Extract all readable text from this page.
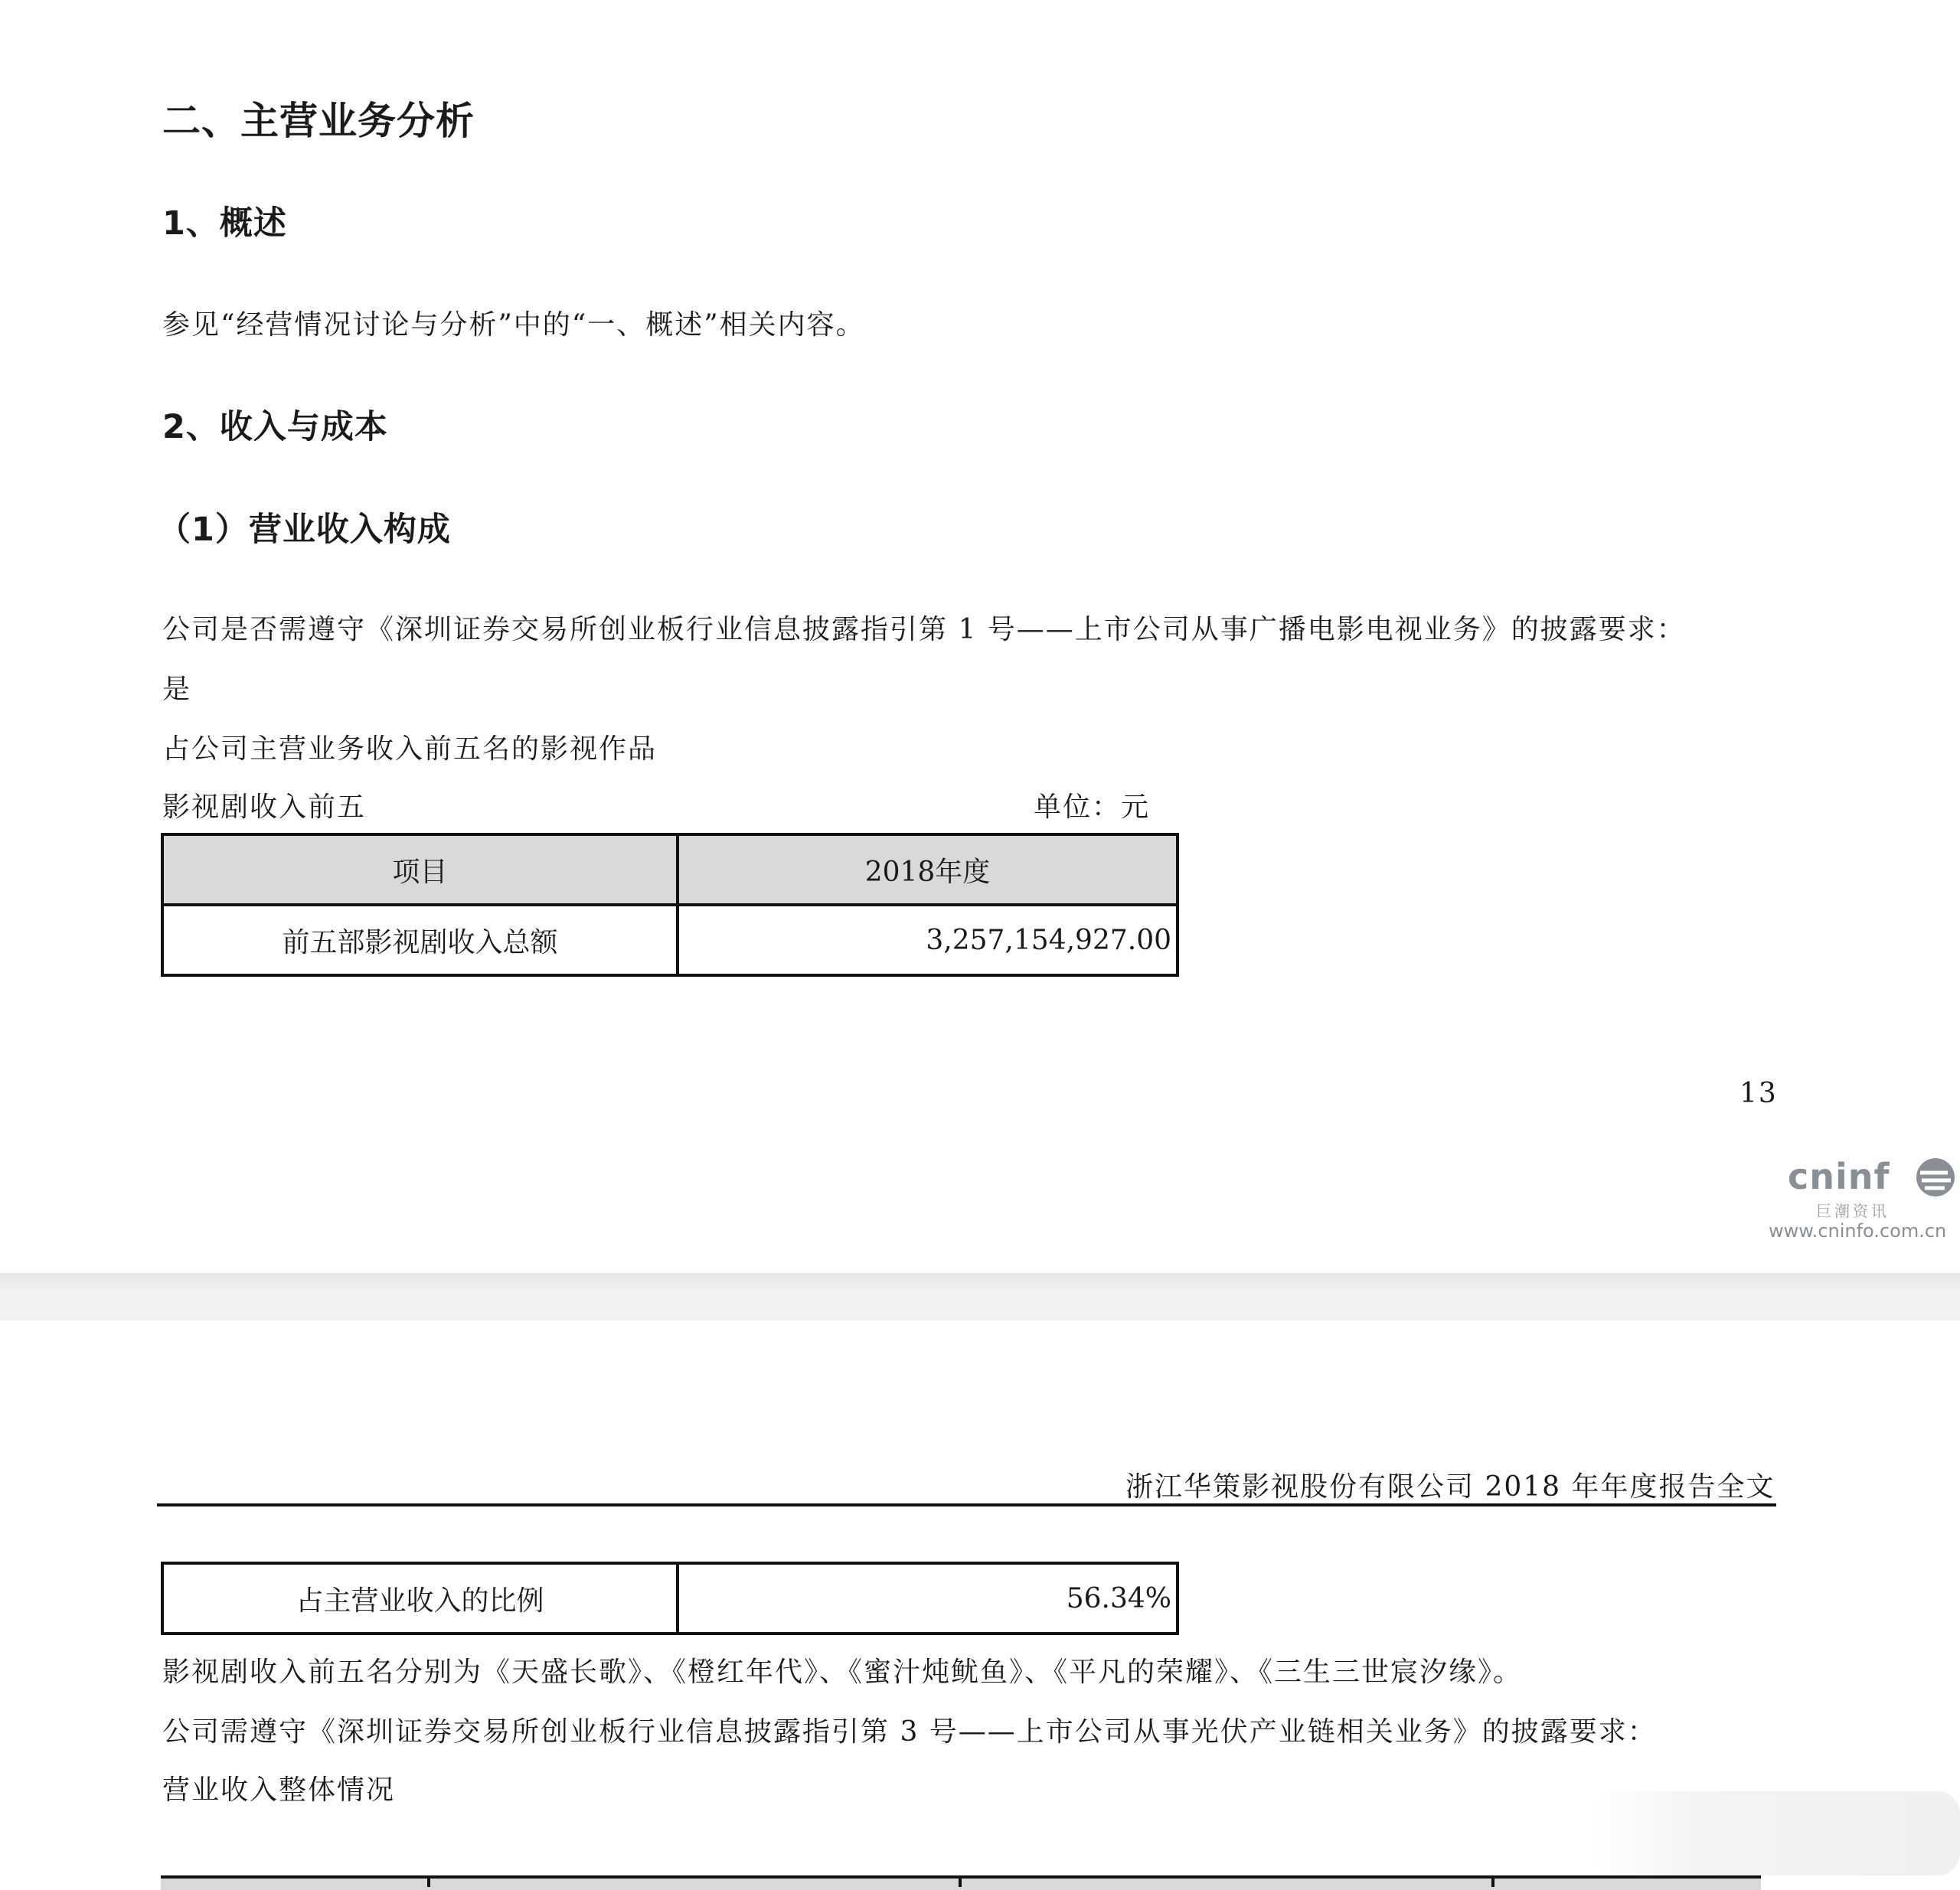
二、主营业务分析
1、概述
参见“经营情况讨论与分析”中的“一、概述”相关内容。
2、收入与成本
（1）营业收入构成
公司是否需遵守《深圳证券交易所创业板行业信息披露指引第 1 号——上市公司从事广播电影电视业务》的披露要求：
是
占公司主营业务收入前五名的影视作品
影视剧收入前五	单位：元
项目	2018年度
前五部影视剧收入总额	3,257,154,927.00
13
cninf
巨潮资讯
www.cninfo.com.cn
浙江华策影视股份有限公司 2018 年年度报告全文
占主营业收入的比例	56.34%
影视剧收入前五名分别为《天盛长歌》、《橙红年代》、《蜜汁炖鱿鱼》、《平凡的荣耀》、《三生三世宸汐缘》。
公司需遵守《深圳证券交易所创业板行业信息披露指引第 3 号——上市公司从事光伏产业链相关业务》的披露要求：
营业收入整体情况
